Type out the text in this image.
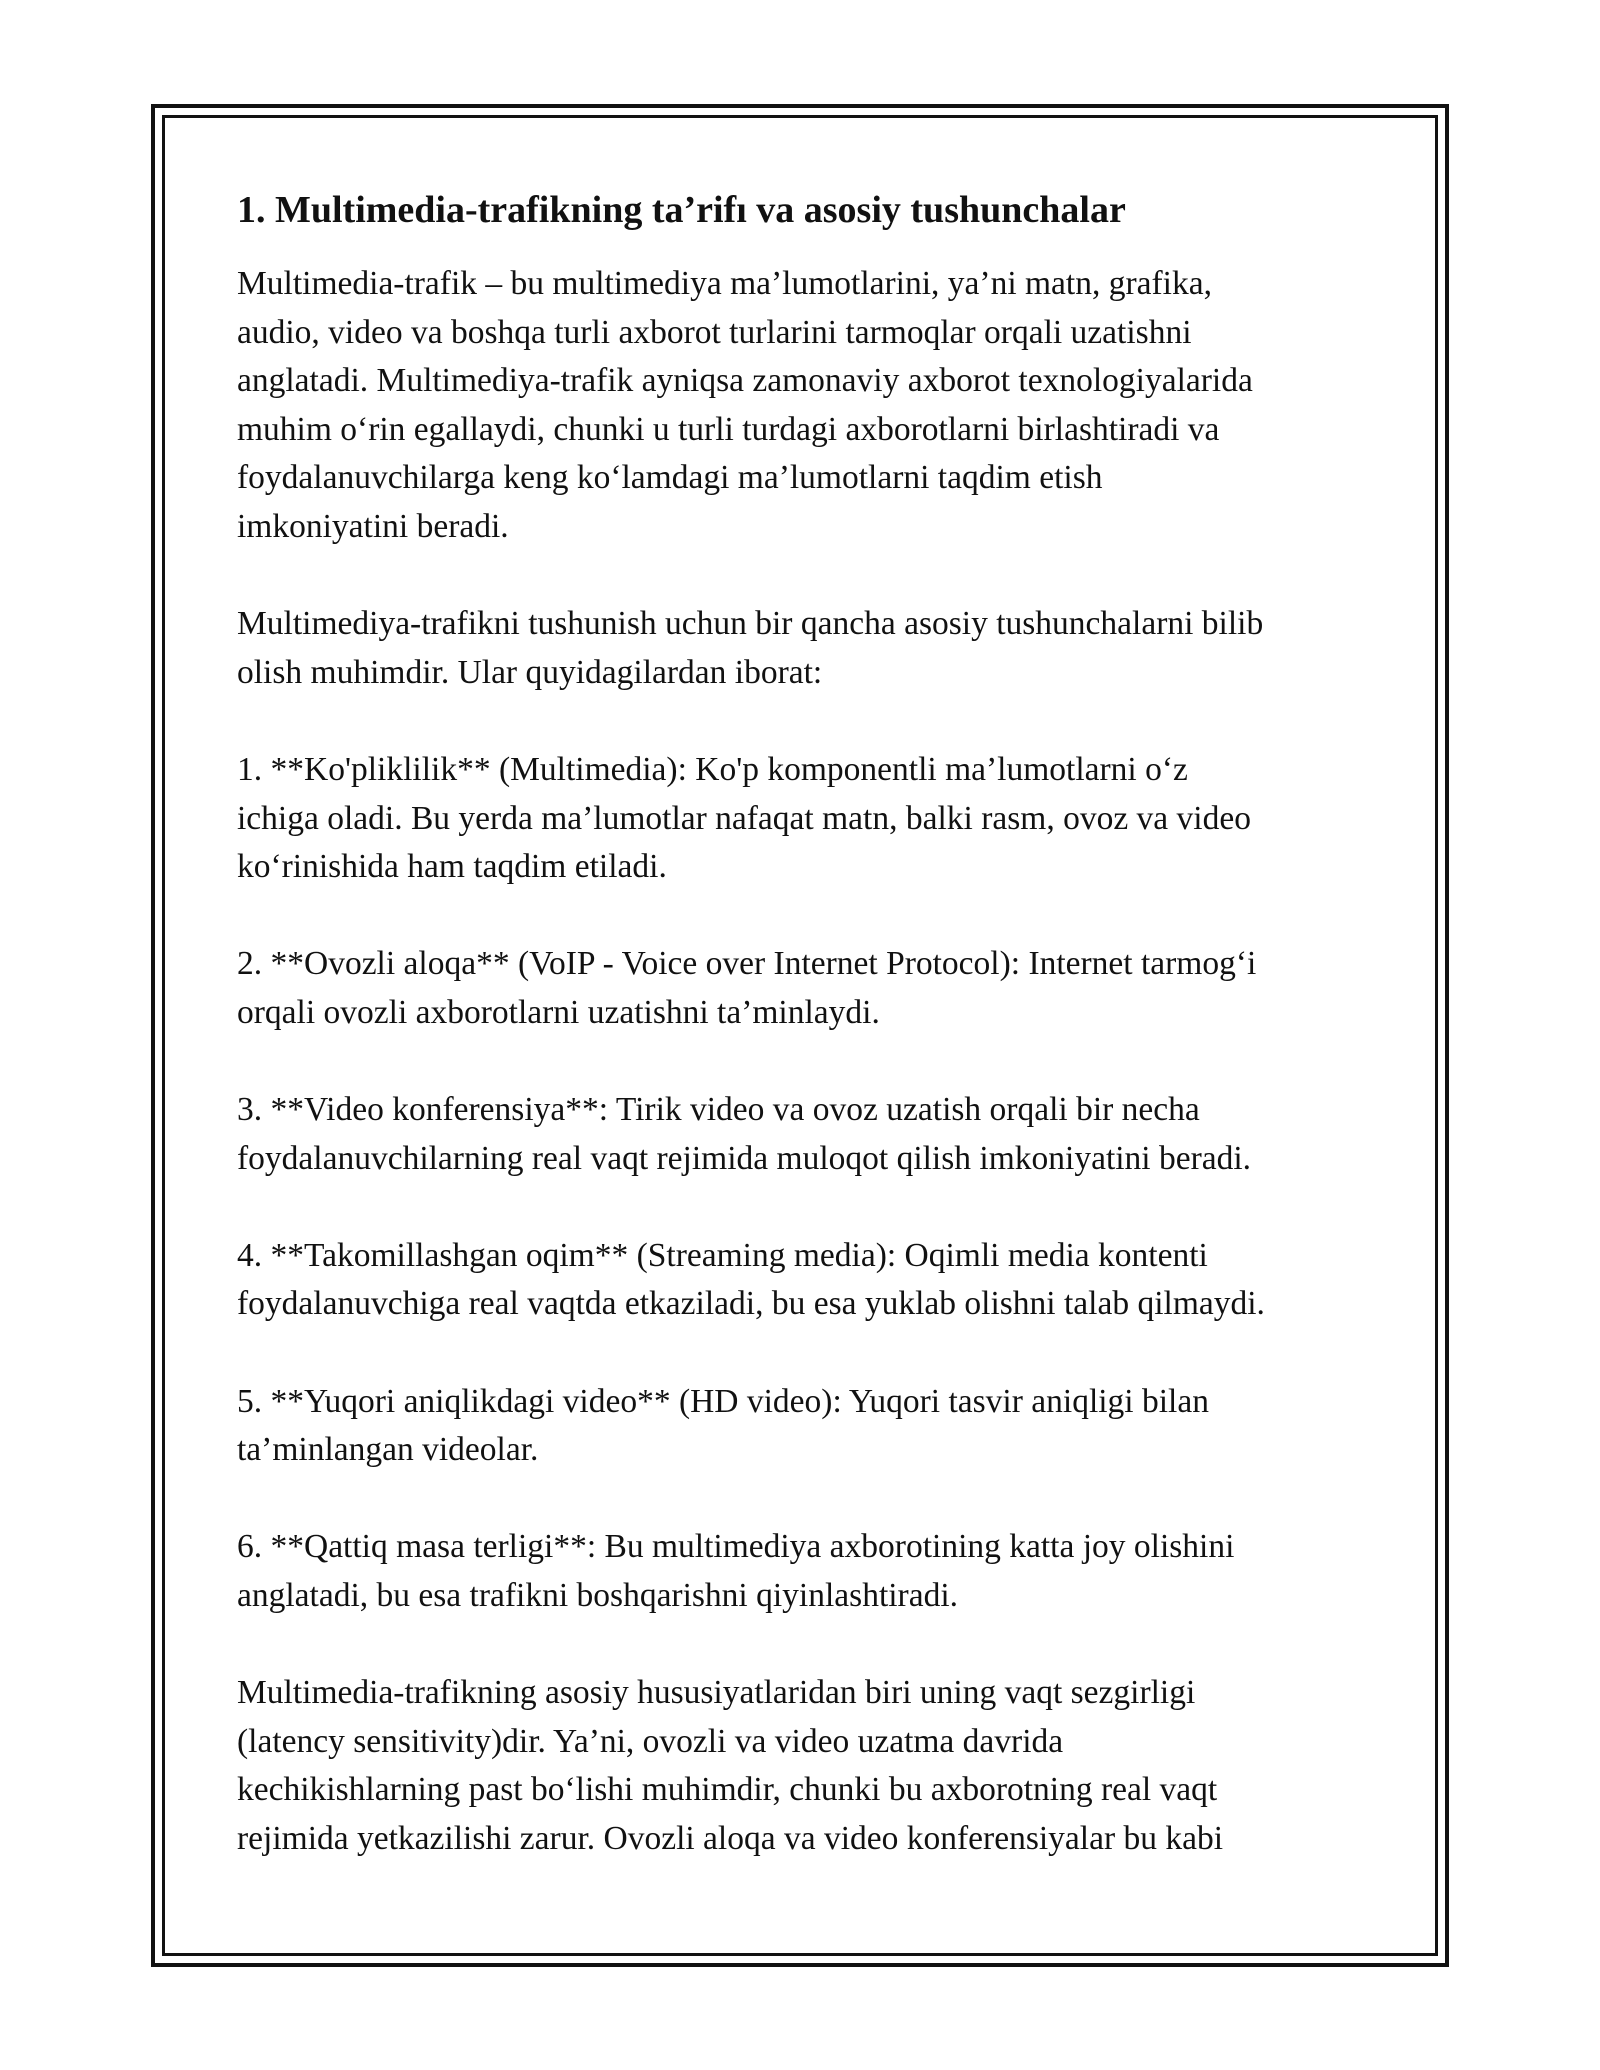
1. Multimedia-trafikning ta’rifı va asosiy tushunchalar

Multimedia-trafik – bu multimediya ma’lumotlarini, ya’ni matn, grafika,
audio, video va boshqa turli axborot turlarini tarmoqlar orqali uzatishni
anglatadi. Multimediya-trafik ayniqsa zamonaviy axborot texnologiyalarida
muhim o‘rin egallaydi, chunki u turli turdagi axborotlarni birlashtiradi va
foydalanuvchilarga keng ko‘lamdagi ma’lumotlarni taqdim etish
imkoniyatini beradi.

Multimediya-trafikni tushunish uchun bir qancha asosiy tushunchalarni bilib
olish muhimdir. Ular quyidagilardan iborat:

1. **Ko'pliklilik** (Multimedia): Ko'p komponentli ma’lumotlarni o‘z
ichiga oladi. Bu yerda ma’lumotlar nafaqat matn, balki rasm, ovoz va video
ko‘rinishida ham taqdim etiladi.

2. **Ovozli aloqa** (VoIP - Voice over Internet Protocol): Internet tarmog‘i
orqali ovozli axborotlarni uzatishni ta’minlaydi.

3. **Video konferensiya**: Tirik video va ovoz uzatish orqali bir necha
foydalanuvchilarning real vaqt rejimida muloqot qilish imkoniyatini beradi.

4. **Takomillashgan oqim** (Streaming media): Oqimli media kontenti
foydalanuvchiga real vaqtda etkaziladi, bu esa yuklab olishni talab qilmaydi.

5. **Yuqori aniqlikdagi video** (HD video): Yuqori tasvir aniqligi bilan
ta’minlangan videolar.

6. **Qattiq masa terligi**: Bu multimediya axborotining katta joy olishini
anglatadi, bu esa trafikni boshqarishni qiyinlashtiradi.

Multimedia-trafikning asosiy hususiyatlaridan biri uning vaqt sezgirligi
(latency sensitivity)dir. Ya’ni, ovozli va video uzatma davrida
kechikishlarning past bo‘lishi muhimdir, chunki bu axborotning real vaqt
rejimida yetkazilishi zarur. Ovozli aloqa va video konferensiyalar bu kabi
